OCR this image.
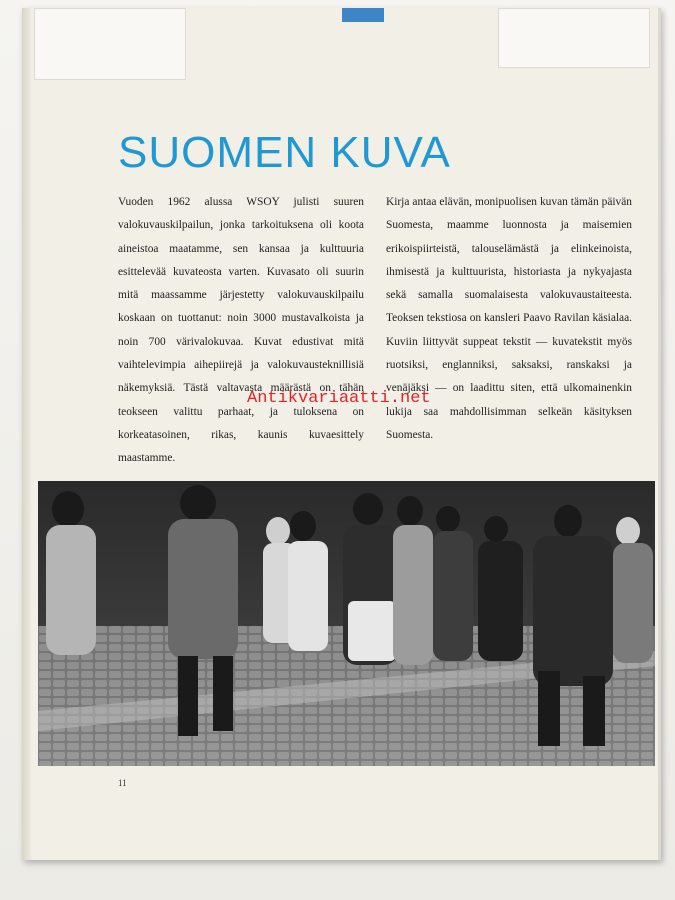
SUOMEN KUVA

Vuoden 1962 alussa WSOY julisti suuren valokuvauskilpailun, jonka tarkoituksena oli koota aineistoa maatamme, sen kansaa ja kulttuuria esittelevää kuvateosta varten. Kuvasato oli suurin mitä maassamme järjestetty valokuvauskilpailu koskaan on tuottanut: noin 3000 mustavalkoista ja noin 700 värivalokuvaa. Kuvat edustivat mitä vaihtelevimpia aihepiirejä ja valokuvausteknillisiä näkemyksiä. Tästä valtavasta määrästä on tähän teokseen valittu parhaat, ja tuloksena on korkeatasoinen, rikas, kaunis kuvaesittely maastamme.

Kirja antaa elävän, monipuolisen kuvan tämän päivän Suomesta, maamme luonnosta ja maisemien erikoispiirteistä, talouselämästä ja elinkeinoista, ihmisestä ja kulttuurista, historiasta ja nykyajasta sekä samalla suomalaisesta valokuvaustaiteesta. Teoksen tekstiosa on kansleri Paavo Ravilan käsialaa. Kuviin liittyvät suppeat tekstit — kuvatekstit myös ruotsiksi, englanniksi, saksaksi, ranskaksi ja venäjäksi — on laadittu siten, että ulkomainenkin lukija saa mahdollisimman selkeän käsityksen Suomesta.

Antikvariaatti.net
11
